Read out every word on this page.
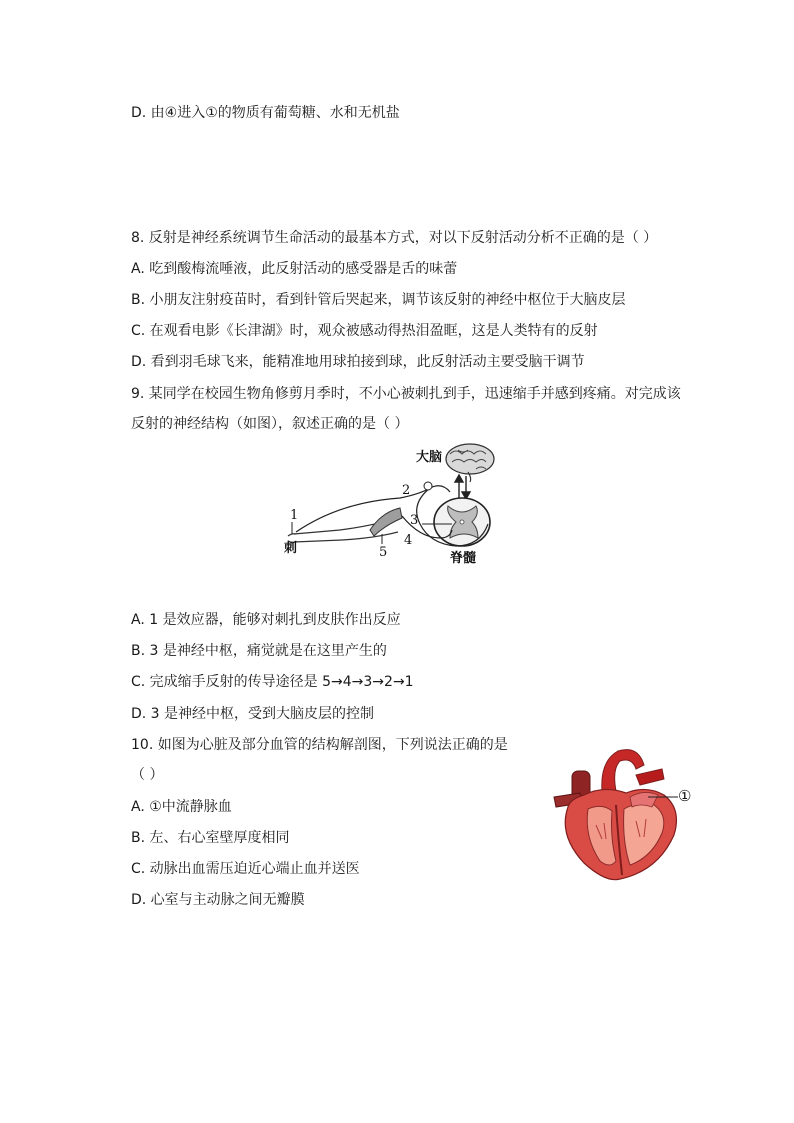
D. 由④进入①的物质有葡萄糖、水和无机盐
8. 反射是神经系统调节生命活动的最基本方式，对以下反射活动分析不正确的是（ ）
A. 吃到酸梅流唾液，此反射活动的感受器是舌的味蕾
B. 小朋友注射疫苗时，看到针管后哭起来，调节该反射的神经中枢位于大脑皮层
C. 在观看电影《长津湖》时，观众被感动得热泪盈眶，这是人类特有的反射
D. 看到羽毛球飞来，能精准地用球拍接到球，此反射活动主要受脑干调节
9. 某同学在校园生物角修剪月季时，不小心被刺扎到手，迅速缩手并感到疼痛。对完成该
反射的神经结构（如图），叙述正确的是（ ）
大脑
脊髓
刺
1
2
3
4
5
A. 1 是效应器，能够对刺扎到皮肤作出反应
B. 3 是神经中枢，痛觉就是在这里产生的
C. 完成缩手反射的传导途径是 5→4→3→2→1
D. 3 是神经中枢，受到大脑皮层的控制
10. 如图为心脏及部分血管的结构解剖图，下列说法正确的是
（ ）
A. ①中流静脉血
B. 左、右心室壁厚度相同
C. 动脉出血需压迫近心端止血并送医
D. 心室与主动脉之间无瓣膜
①
